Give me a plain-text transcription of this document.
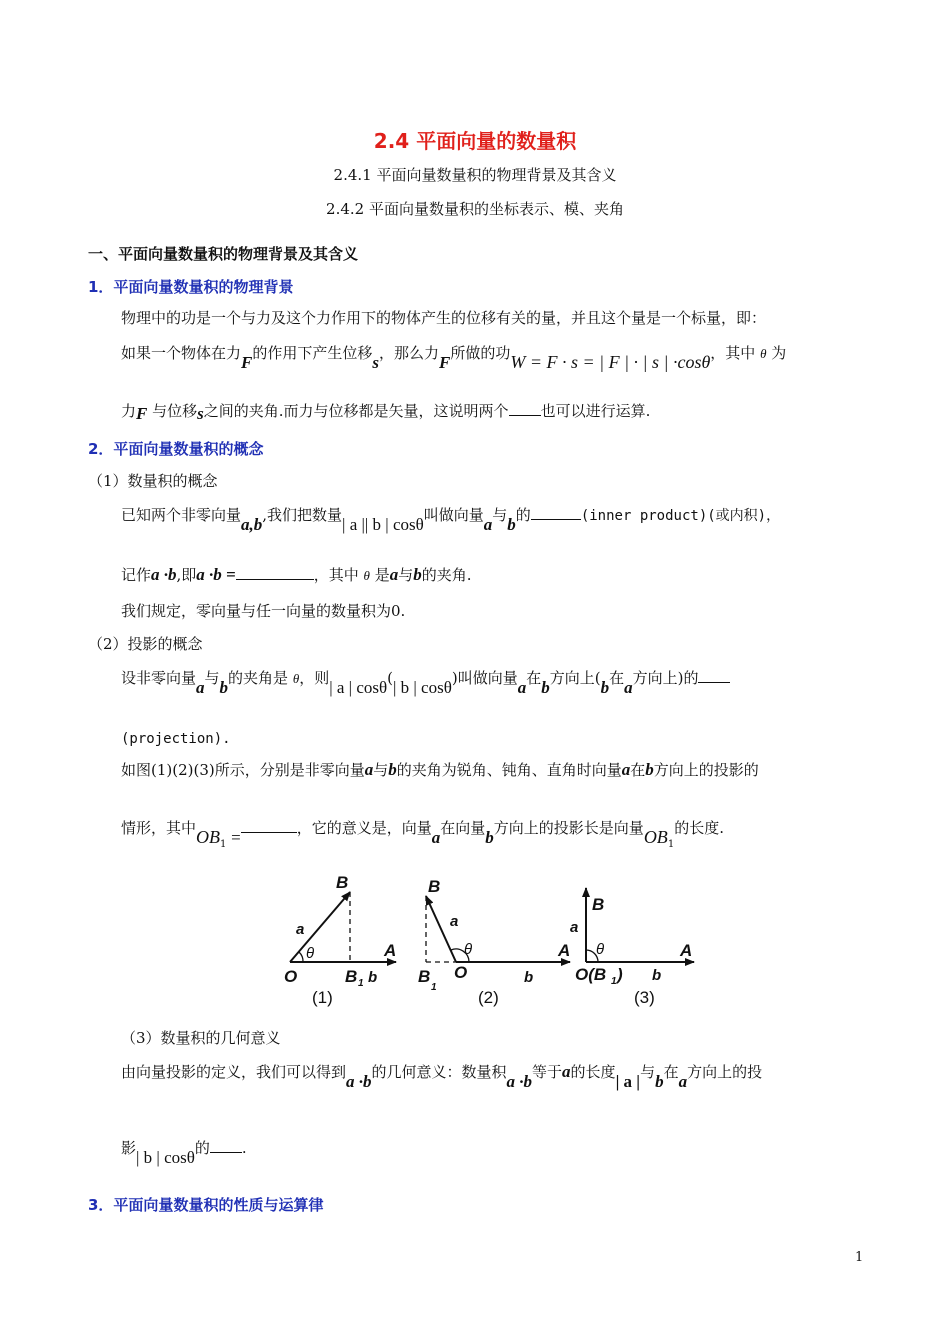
2.4 平面向量的数量积
2.4.1 平面向量数量积的物理背景及其含义
2.4.2 平面向量数量积的坐标表示、模、夹角
一、平面向量数量积的物理背景及其含义
1．平面向量数量积的物理背景
物理中的功是一个与力及这个力作用下的物体产生的位移有关的量，并且这个量是一个标量，即：
如果一个物体在力F的作用下产生位移s，那么力F所做的功W = F · s = | F | · | s | ·cosθ，其中 θ 为
力F 与位移s之间的夹角.而力与位移都是矢量，这说明两个 也可以进行运算.
2．平面向量数量积的概念
（1）数量积的概念
已知两个非零向量a,b,我们把数量| a || b | cosθ叫做向量a与b的	(inner product)(或内积)，
记作a ·b,即a ·b =	，其中 θ 是a与b的夹角.
我们规定，零向量与任一向量的数量积为0.
（2）投影的概念
设非零向量a与b的夹角是 θ，则| a | cosθ(| b | cosθ)叫做向量a在b方向上(b在a方向上)的
(projection).
如图(1)(2)(3)所示，分别是非零向量a与b的夹角为锐角、钝角、直角时向量a在b方向上的投影的
情形，其中$OB_1$ =	，它的意义是，向量a在向量b方向上的投影长是向量$OB_1$的长度.
B
a
θ	A
O	B 1 b
(1)
B
a
θ	A
B
1
O	b
(2)
B
a
θ	A
O(B 1 ) b
(3)
（3）数量积的几何意义
由向量投影的定义，我们可以得到a ·b的几何意义：数量积a ·b等于a的长度| a |与b在a方向上的投
影| b | cosθ的 .
3．平面向量数量积的性质与运算律
1
